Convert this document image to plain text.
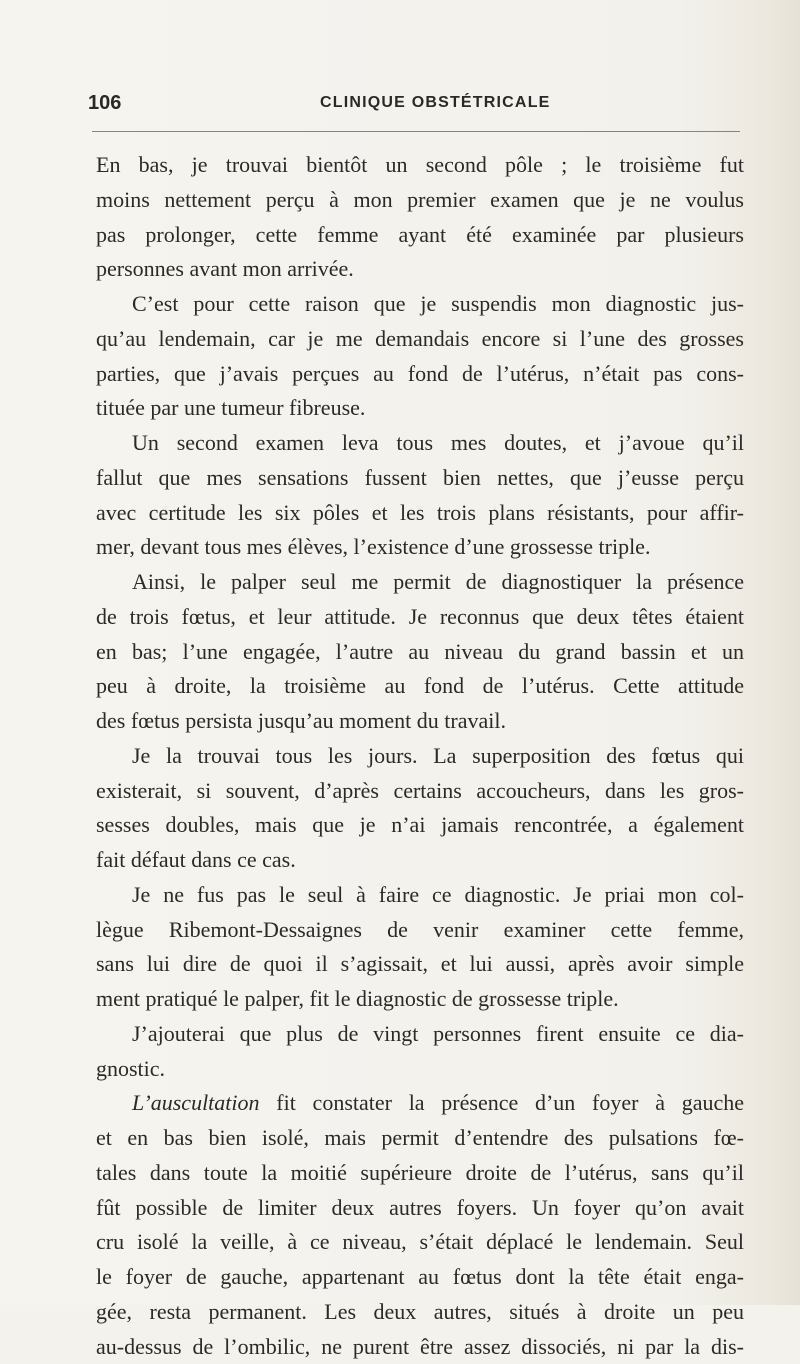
106	CLINIQUE OBSTÉTRICALE
En bas, je trouvai bientôt un second pôle ; le troisième fut
moins nettement perçu à mon premier examen que je ne voulus
pas prolonger, cette femme ayant été examinée par plusieurs
personnes avant mon arrivée.
C’est pour cette raison que je suspendis mon diagnostic jus-
qu’au lendemain, car je me demandais encore si l’une des grosses
parties, que j’avais perçues au fond de l’utérus, n’était pas cons-
tituée par une tumeur fibreuse.
Un second examen leva tous mes doutes, et j’avoue qu’il
fallut que mes sensations fussent bien nettes, que j’eusse perçu
avec certitude les six pôles et les trois plans résistants, pour affir-
mer, devant tous mes élèves, l’existence d’une grossesse triple.
Ainsi, le palper seul me permit de diagnostiquer la présence
de trois fœtus, et leur attitude. Je reconnus que deux têtes étaient
en bas; l’une engagée, l’autre au niveau du grand bassin et un
peu à droite, la troisième au fond de l’utérus. Cette attitude
des fœtus persista jusqu’au moment du travail.
Je la trouvai tous les jours. La superposition des fœtus qui
existerait, si souvent, d’après certains accoucheurs, dans les gros-
sesses doubles, mais que je n’ai jamais rencontrée, a également
fait défaut dans ce cas.
Je ne fus pas le seul à faire ce diagnostic. Je priai mon col-
lègue Ribemont-Dessaignes de venir examiner cette femme,
sans lui dire de quoi il s’agissait, et lui aussi, après avoir simple
ment pratiqué le palper, fit le diagnostic de grossesse triple.
J’ajouterai que plus de vingt personnes firent ensuite ce dia-
gnostic.
L’auscultation fit constater la présence d’un foyer à gauche
et en bas bien isolé, mais permit d’entendre des pulsations fœ-
tales dans toute la moitié supérieure droite de l’utérus, sans qu’il
fût possible de limiter deux autres foyers. Un foyer qu’on avait
cru isolé la veille, à ce niveau, s’était déplacé le lendemain. Seul
le foyer de gauche, appartenant au fœtus dont la tête était enga-
gée, resta permanent. Les deux autres, situés à droite un peu
au-dessus de l’ombilic, ne purent être assez dissociés, ni par la dis-
